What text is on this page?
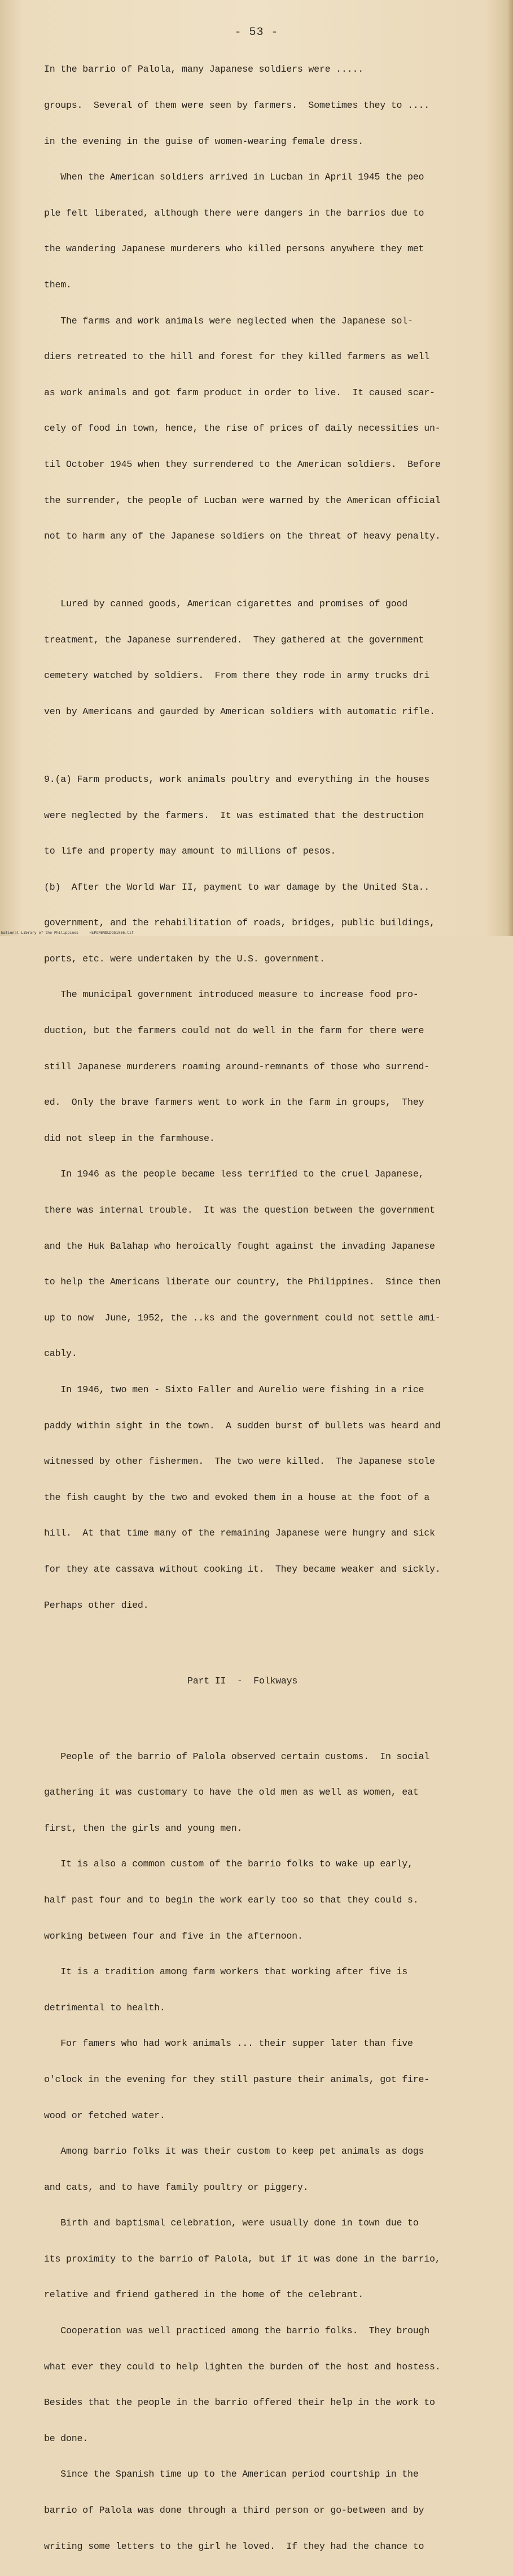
- 53 -

In the barrio of Palola, many Japanese soldiers were .....

groups.  Several of them were seen by farmers.  Sometimes they to ....

in the evening in the guise of women-wearing female dress.

When the American soldiers arrived in Lucban in April 1945 the peo

ple felt liberated, although there were dangers in the barrios due to

the wandering Japanese murderers who killed persons anywhere they met

them.

The farms and work animals were neglected when the Japanese sol-

diers retreated to the hill and forest for they killed farmers as well

as work animals and got farm product in order to live.  It caused scar-

cely of food in town, hence, the rise of prices of daily necessities un-

til October 1945 when they surrendered to the American soldiers.  Before

the surrender, the people of Lucban were warned by the American official

not to harm any of the Japanese soldiers on the threat of heavy penalty.

Lured by canned goods, American cigarettes and promises of good

treatment, the Japanese surrendered.  They gathered at the government

cemetery watched by soldiers.  From there they rode in army trucks dri

ven by Americans and gaurded by American soldiers with automatic rifle.

9.(a) Farm products, work animals poultry and everything in the houses

were neglected by the farmers.  It was estimated that the destruction

to life and property may amount to millions of pesos.

(b)  After the World War II, payment to war damage by the United Sta..

government, and the rehabilitation of roads, bridges, public buildings,

ports, etc. were undertaken by the U.S. government.

The municipal government introduced measure to increase food pro-

duction, but the farmers could not do well in the farm for there were

still Japanese murderers roaming around-remnants of those who surrend-

ed.  Only the brave farmers went to work in the farm in groups,  They

did not sleep in the farmhouse.

In 1946 as the people became less terrified to the cruel Japanese,

there was internal trouble.  It was the question between the government

and the Huk Balahap who heroically fought against the invading Japanese

to help the Americans liberate our country, the Philippines.  Since then

up to now  June, 1952, the ..ks and the government could not settle ami-

cably.

In 1946, two men - Sixto Faller and Aurelio were fishing in a rice

paddy within sight in the town.  A sudden burst of bullets was heard and

witnessed by other fishermen.  The two were killed.  The Japanese stole

the fish caught by the two and evoked them in a house at the foot of a

hill.  At that time many of the remaining Japanese were hungry and sick

for they ate cassava without cooking it.  They became weaker and sickly.

Perhaps other died.

Part II  -  Folkways

People of the barrio of Palola observed certain customs.  In social

gathering it was customary to have the old men as well as women, eat

first, then the girls and young men.

It is also a common custom of the barrio folks to wake up early,

half past four and to begin the work early too so that they could s.

working between four and five in the afternoon.

It is a tradition among farm workers that working after five is

detrimental to health.

For famers who had work animals ... their supper later than five

o'clock in the evening for they still pasture their animals, got fire-

wood or fetched water.

Among barrio folks it was their custom to keep pet animals as dogs

and cats, and to have family poultry or piggery.

Birth and baptismal celebration, were usually done in town due to

its proximity to the barrio of Palola, but if it was done in the barrio,

relative and friend gathered in the home of the celebrant.

Cooperation was well practiced among the barrio folks.  They brough

what ever they could to help lighten the burden of the host and hostess.

Besides that the people in the barrio offered their help in the work to

be done.

Since the Spanish time up to the American period courtship in the

barrio of Palola was done through a third person or go-between and by

writing some letters to the girl he loved.  If they had the chance to

National Library of the Philippines     HLPOFBNDLDQ51056.tif
